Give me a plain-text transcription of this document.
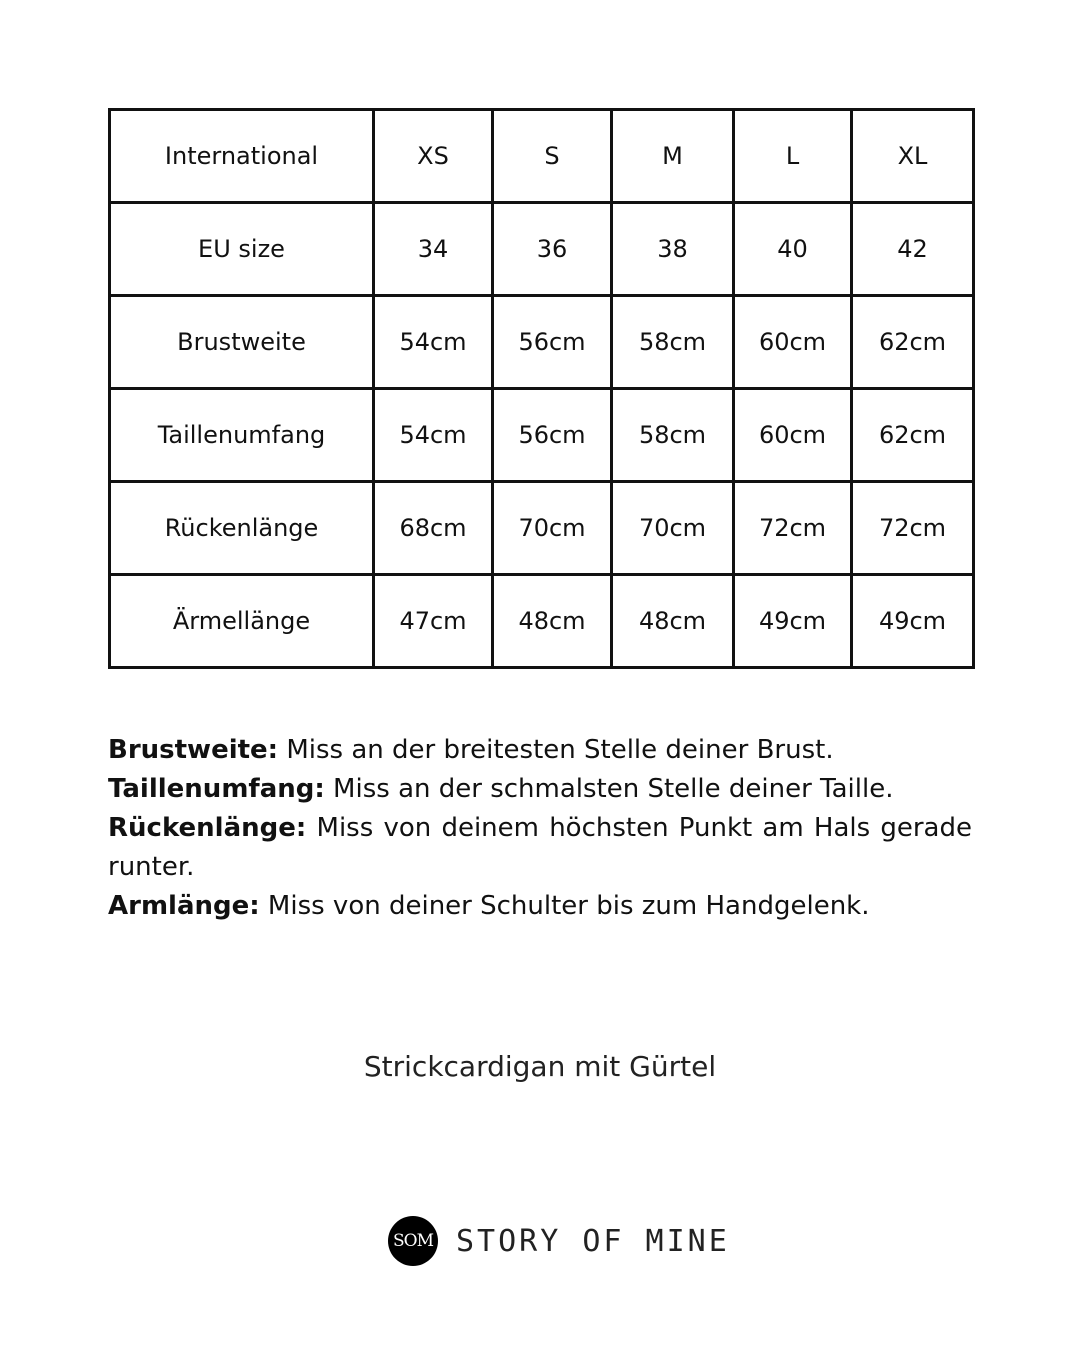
International	XS	S	M	L	XL
EU size	34	36	38	40	42
Brustweite	54cm	56cm	58cm	60cm	62cm
Taillenumfang	54cm	56cm	58cm	60cm	62cm
Rückenlänge	68cm	70cm	70cm	72cm	72cm
Ärmellänge	47cm	48cm	48cm	49cm	49cm

Brustweite: Miss an der breitesten Stelle deiner Brust.

Taillenumfang: Miss an der schmalsten Stelle deiner Taille.

Rückenlänge: Miss von deinem höchsten Punkt am Hals gerade runter.

Armlänge: Miss von deiner Schulter bis zum Handgelenk.

Strickcardigan mit Gürtel
SOM STORY OF MINE
